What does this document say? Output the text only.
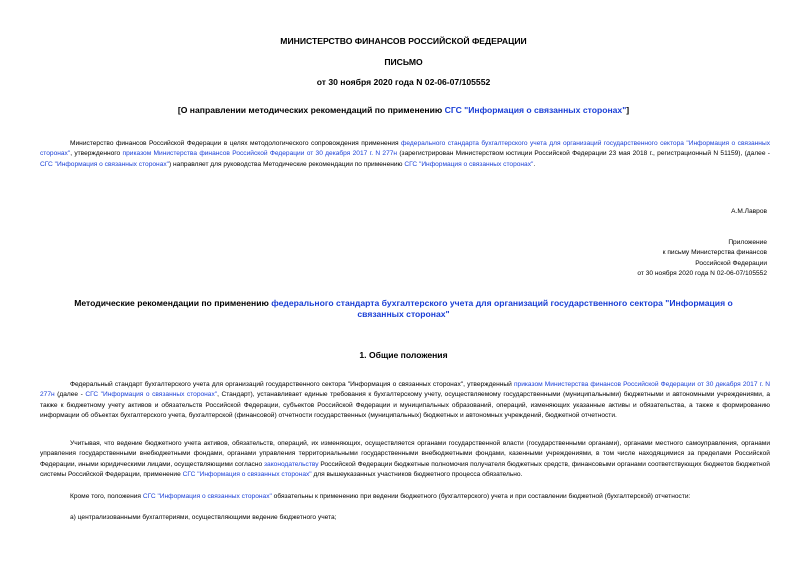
МИНИСТЕРСТВО ФИНАНСОВ РОССИЙСКОЙ ФЕДЕРАЦИИ
ПИСЬМО
от 30 ноября 2020 года N 02-06-07/105552
[О направлении методических рекомендаций по применению СГС "Информация о связанных сторонах"]
Министерство финансов Российской Федерации в целях методологического сопровождения применения федерального стандарта бухгалтерского учета для организаций государственного сектора "Информация о связанных сторонах", утвержденного приказом Министерства финансов Российской Федерации от 30 декабря 2017 г. N 277н (зарегистрирован Министерством юстиции Российской Федерации 23 мая 2018 г., регистрационный N 51159), (далее - СГС "Информация о связанных сторонах") направляет для руководства Методические рекомендации по применению СГС "Информация о связанных сторонах".
А.М.Лавров
Приложение
к письму Министерства финансов
Российской Федерации
от 30 ноября 2020 года N 02-06-07/105552
Методические рекомендации по применению федерального стандарта бухгалтерского учета для организаций государственного сектора "Информация о связанных сторонах"
1. Общие положения
Федеральный стандарт бухгалтерского учета для организаций государственного сектора "Информация о связанных сторонах", утвержденный приказом Министерства финансов Российской Федерации от 30 декабря 2017 г. N 277н (далее - СГС "Информация о связанных сторонах", Стандарт), устанавливает единые требования к бухгалтерскому учету, осуществляемому государственными (муниципальными) бюджетными и автономными учреждениями, а также к бюджетному учету активов и обязательств Российской Федерации, субъектов Российской Федерации и муниципальных образований, операций, изменяющих указанные активы и обязательства, а также к формированию информации об объектах бухгалтерского учета, бухгалтерской (финансовой) отчетности государственных (муниципальных) бюджетных и автономных учреждений, бюджетной отчетности.
Учитывая, что ведение бюджетного учета активов, обязательств, операций, их изменяющих, осуществляется органами государственной власти (государственными органами), органами местного самоуправления, органами управления государственными внебюджетными фондами, органами управления территориальными государственными внебюджетными фондами, казенными учреждениями, в том числе находящимися за пределами Российской Федерации, иными юридическими лицами, осуществляющими согласно законодательству Российской Федерации бюджетные полномочия получателя бюджетных средств, финансовыми органами соответствующих бюджетов бюджетной системы Российской Федерации, применение СГС "Информация о связанных сторонах" для вышеуказанных участников бюджетного процесса обязательно.
Кроме того, положения СГС "Информация о связанных сторонах" обязательны к применению при ведении бюджетного (бухгалтерского) учета и при составлении бюджетной (бухгалтерской) отчетности:
а) централизованными бухгалтериями, осуществляющими ведение бюджетного учета;
